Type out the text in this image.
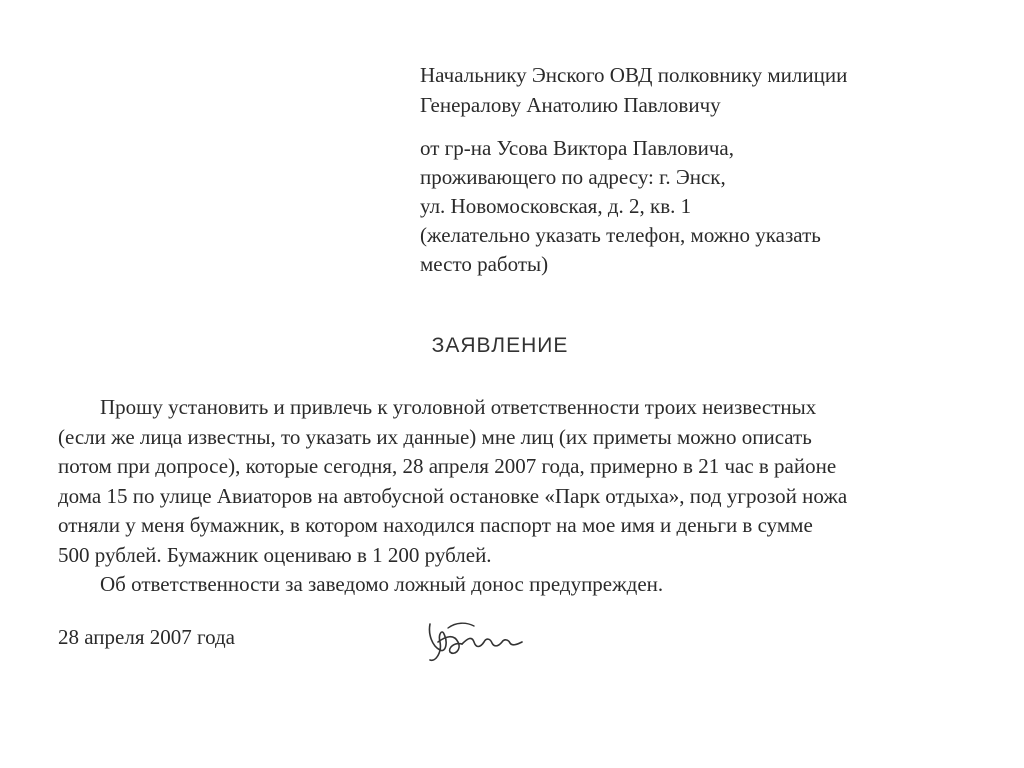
Начальнику Энского ОВД полковнику милиции
Генералову Анатолию Павловичу
от гр-на Усова Виктора Павловича,
проживающего по адресу: г. Энск,
ул. Новомосковская, д. 2, кв. 1
(желательно указать телефон, можно указать
место работы)
ЗАЯВЛЕНИЕ
Прошу установить и привлечь к уголовной ответственности троих неизвестных
(если же лица известны, то указать их данные) мне лиц (их приметы можно описать
потом при допросе), которые сегодня, 28 апреля 2007 года, примерно в 21 час в районе
дома 15 по улице Авиаторов на автобусной остановке «Парк отдыха», под угрозой ножа
отняли у меня бумажник, в котором находился паспорт на мое имя и деньги в сумме
500 рублей. Бумажник оцениваю в 1 200 рублей.
Об ответственности за заведомо ложный донос предупрежден.
28 апреля 2007 года
